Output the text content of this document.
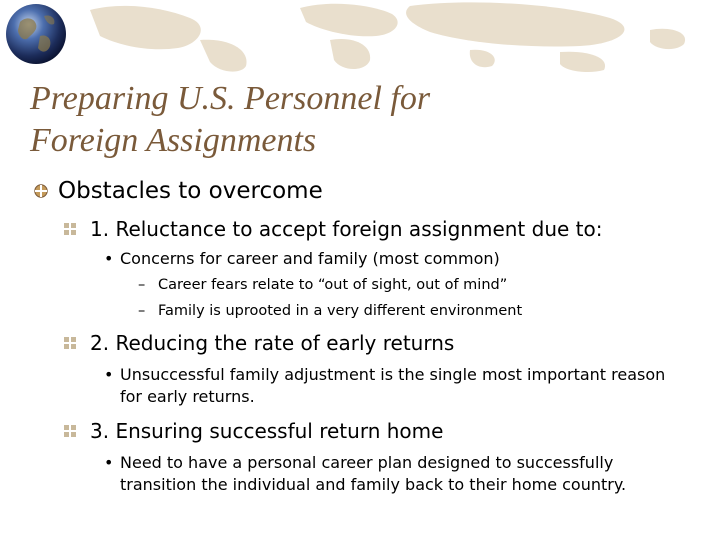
Preparing U.S. Personnel for
Foreign Assignments
Obstacles to overcome
1. Reluctance to accept foreign assignment due to:
• Concerns for career and family (most common)
– Career fears relate to “out of sight, out of mind”
– Family is uprooted in a very different environment
2. Reducing the rate of early returns
• Unsuccessful family adjustment is the single most important reason for early returns.
3. Ensuring successful return home
• Need to have a personal career plan designed to successfully transition the individual and family back to their home country.
